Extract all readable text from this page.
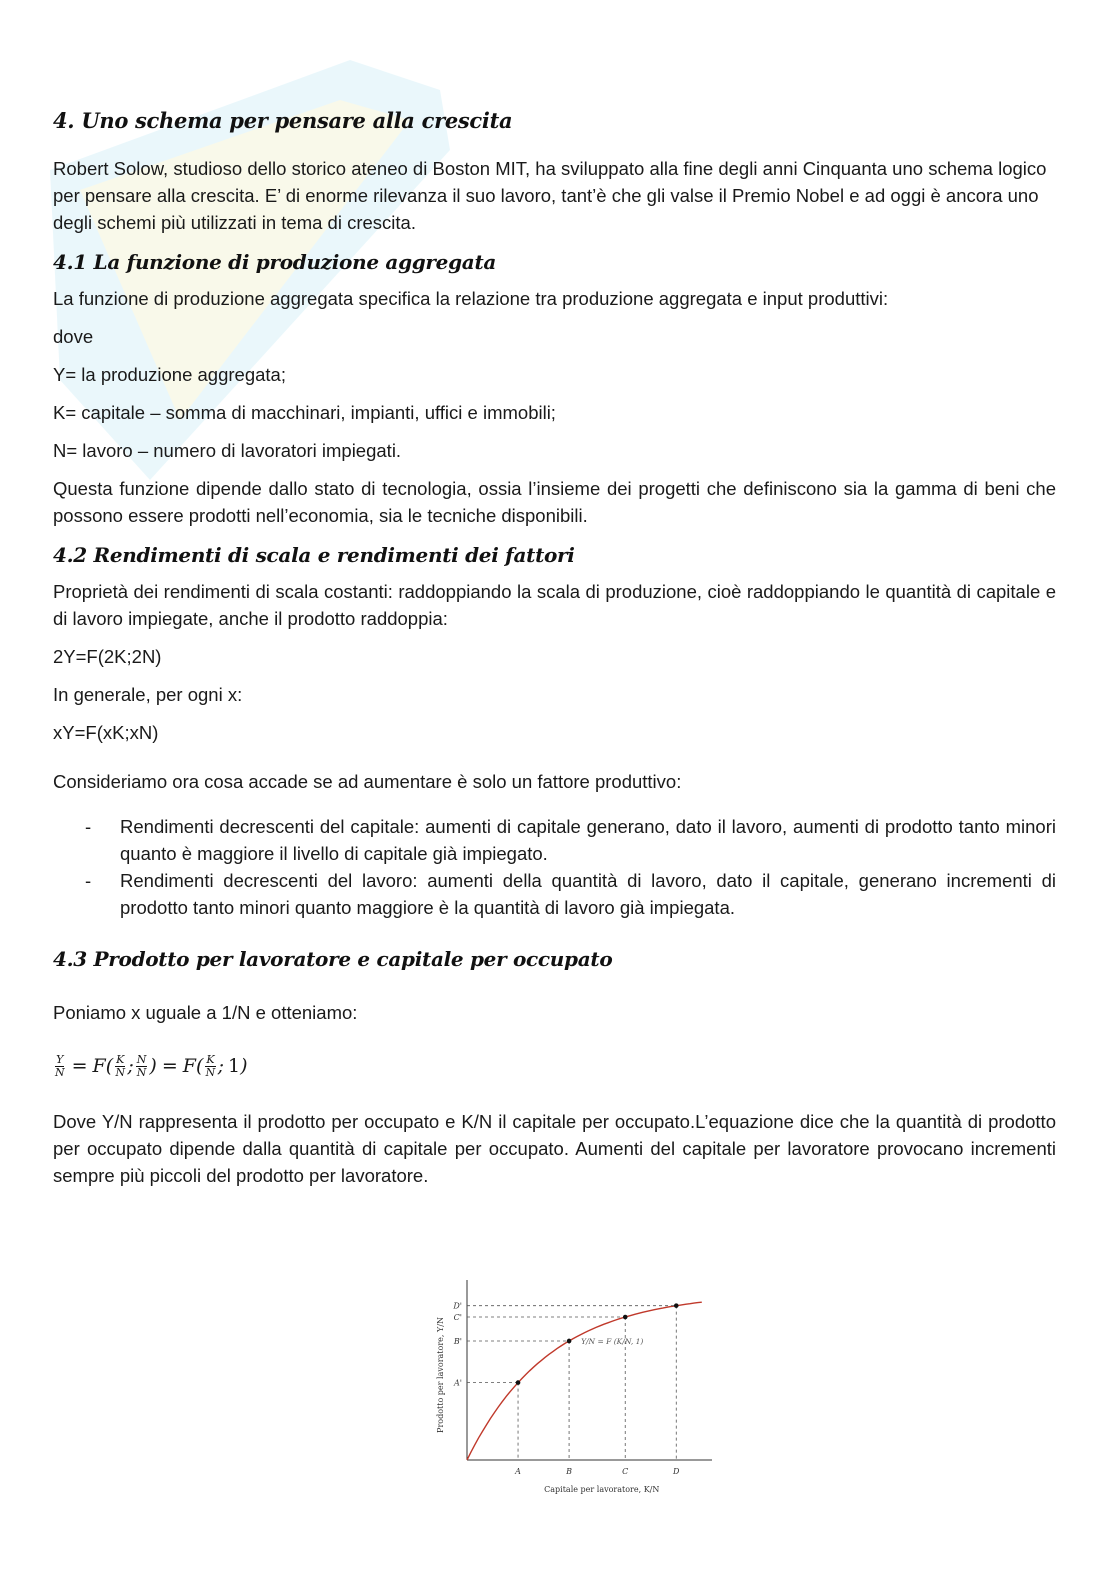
4. Uno schema per pensare alla crescita

Robert Solow, studioso dello storico ateneo di Boston MIT, ha sviluppato alla fine degli anni Cinquanta uno schema logico per pensare alla crescita. E’ di enorme rilevanza il suo lavoro, tant’è che gli valse il Premio Nobel e ad oggi è ancora uno degli schemi più utilizzati in tema di crescita.

4.1 La funzione di produzione aggregata

La funzione di produzione aggregata specifica la relazione tra produzione aggregata e input produttivi:

dove

Y= la produzione aggregata;

K= capitale – somma di macchinari, impianti, uffici e immobili;

N= lavoro – numero di lavoratori impiegati.

Questa funzione dipende dallo stato di tecnologia, ossia l’insieme dei progetti che definiscono sia la gamma di beni che possono essere prodotti nell’economia, sia le tecniche disponibili.

4.2 Rendimenti di scala e rendimenti dei fattori

Proprietà dei rendimenti di scala costanti: raddoppiando la scala di produzione, cioè raddoppiando le quantità di capitale e di lavoro impiegate, anche il prodotto raddoppia:

2Y=F(2K;2N)

In generale, per ogni x:

xY=F(xK;xN)

Consideriamo ora cosa accade se ad aumentare è solo un fattore produttivo:

- Rendimenti decrescenti del capitale: aumenti di capitale generano, dato il lavoro, aumenti di prodotto tanto minori quanto è maggiore il livello di capitale già impiegato.
- Rendimenti decrescenti del lavoro: aumenti della quantità di lavoro, dato il capitale, generano incrementi di prodotto tanto minori quanto maggiore è la quantità di lavoro già impiegata.
4.3 Prodotto per lavoratore e capitale per occupato

Poniamo x uguale a 1/N e otteniamo:

$\frac{Y}{N} = F$ ( $\frac{K}{N}$ ; $\frac{N}{N}$ ) = F ( $\frac{K}{N}$ ; 1 )

Dove Y/N rappresenta il prodotto per occupato e K/N il capitale per occupato.L’equazione dice che la quantità di prodotto per occupato dipende dalla quantità di capitale per occupato. Aumenti del capitale per lavoratore provocano incrementi sempre più piccoli del prodotto per lavoratore.

A
A'
B
B'
C
C'
D
D'
Y/N = F (K/N, 1)
Capitale per lavoratore, K/N
Prodotto per lavoratore, Y/N
